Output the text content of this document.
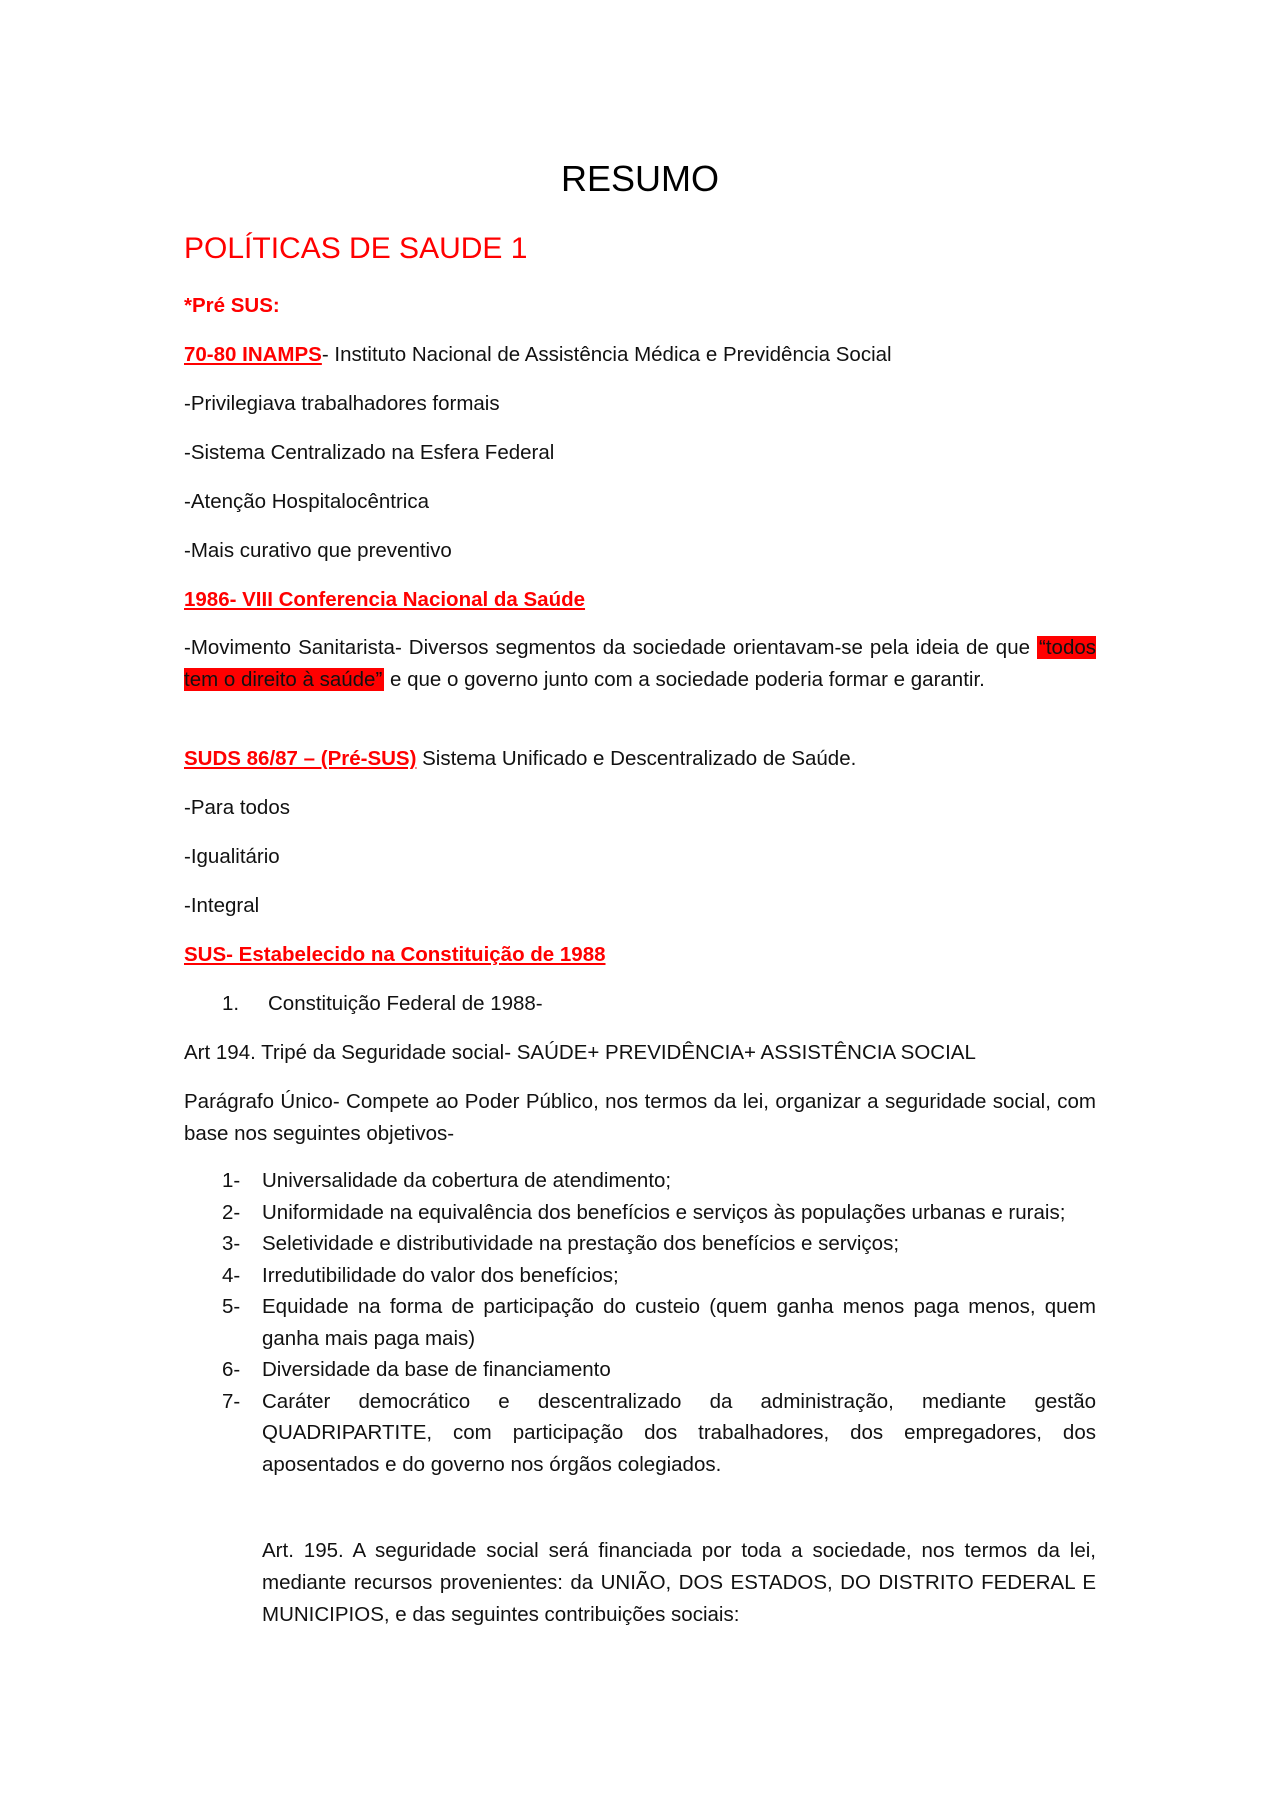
RESUMO
POLÍTICAS DE SAUDE 1
*Pré SUS:
70-80 INAMPS- Instituto Nacional de Assistência Médica e Previdência Social
-Privilegiava trabalhadores formais
-Sistema Centralizado na Esfera Federal
-Atenção Hospitalocêntrica
-Mais curativo que preventivo
1986- VIII Conferencia Nacional da Saúde
-Movimento Sanitarista- Diversos segmentos da sociedade orientavam-se pela ideia de que “todos tem o direito à saúde” e que o governo junto com a sociedade poderia formar e garantir.
SUDS 86/87 – (Pré-SUS) Sistema Unificado e Descentralizado de Saúde.
-Para todos
-Igualitário
-Integral
SUS- Estabelecido na Constituição de 1988
1. Constituição Federal de 1988-
Art 194. Tripé da Seguridade social- SAÚDE+ PREVIDÊNCIA+ ASSISTÊNCIA SOCIAL
Parágrafo Único- Compete ao Poder Público, nos termos da lei, organizar a seguridade social, com base nos seguintes objetivos-
1- Universalidade da cobertura de atendimento;
2- Uniformidade na equivalência dos benefícios e serviços às populações urbanas e rurais;
3- Seletividade e distributividade na prestação dos benefícios e serviços;
4- Irredutibilidade do valor dos benefícios;
5- Equidade na forma de participação do custeio (quem ganha menos paga menos, quem ganha mais paga mais)
6- Diversidade da base de financiamento
7- Caráter democrático e descentralizado da administração, mediante gestão QUADRIPARTITE, com participação dos trabalhadores, dos empregadores, dos aposentados e do governo nos órgãos colegiados.
Art. 195. A seguridade social será financiada por toda a sociedade, nos termos da lei, mediante recursos provenientes: da UNIÃO, DOS ESTADOS, DO DISTRITO FEDERAL E MUNICIPIOS, e das seguintes contribuições sociais:
